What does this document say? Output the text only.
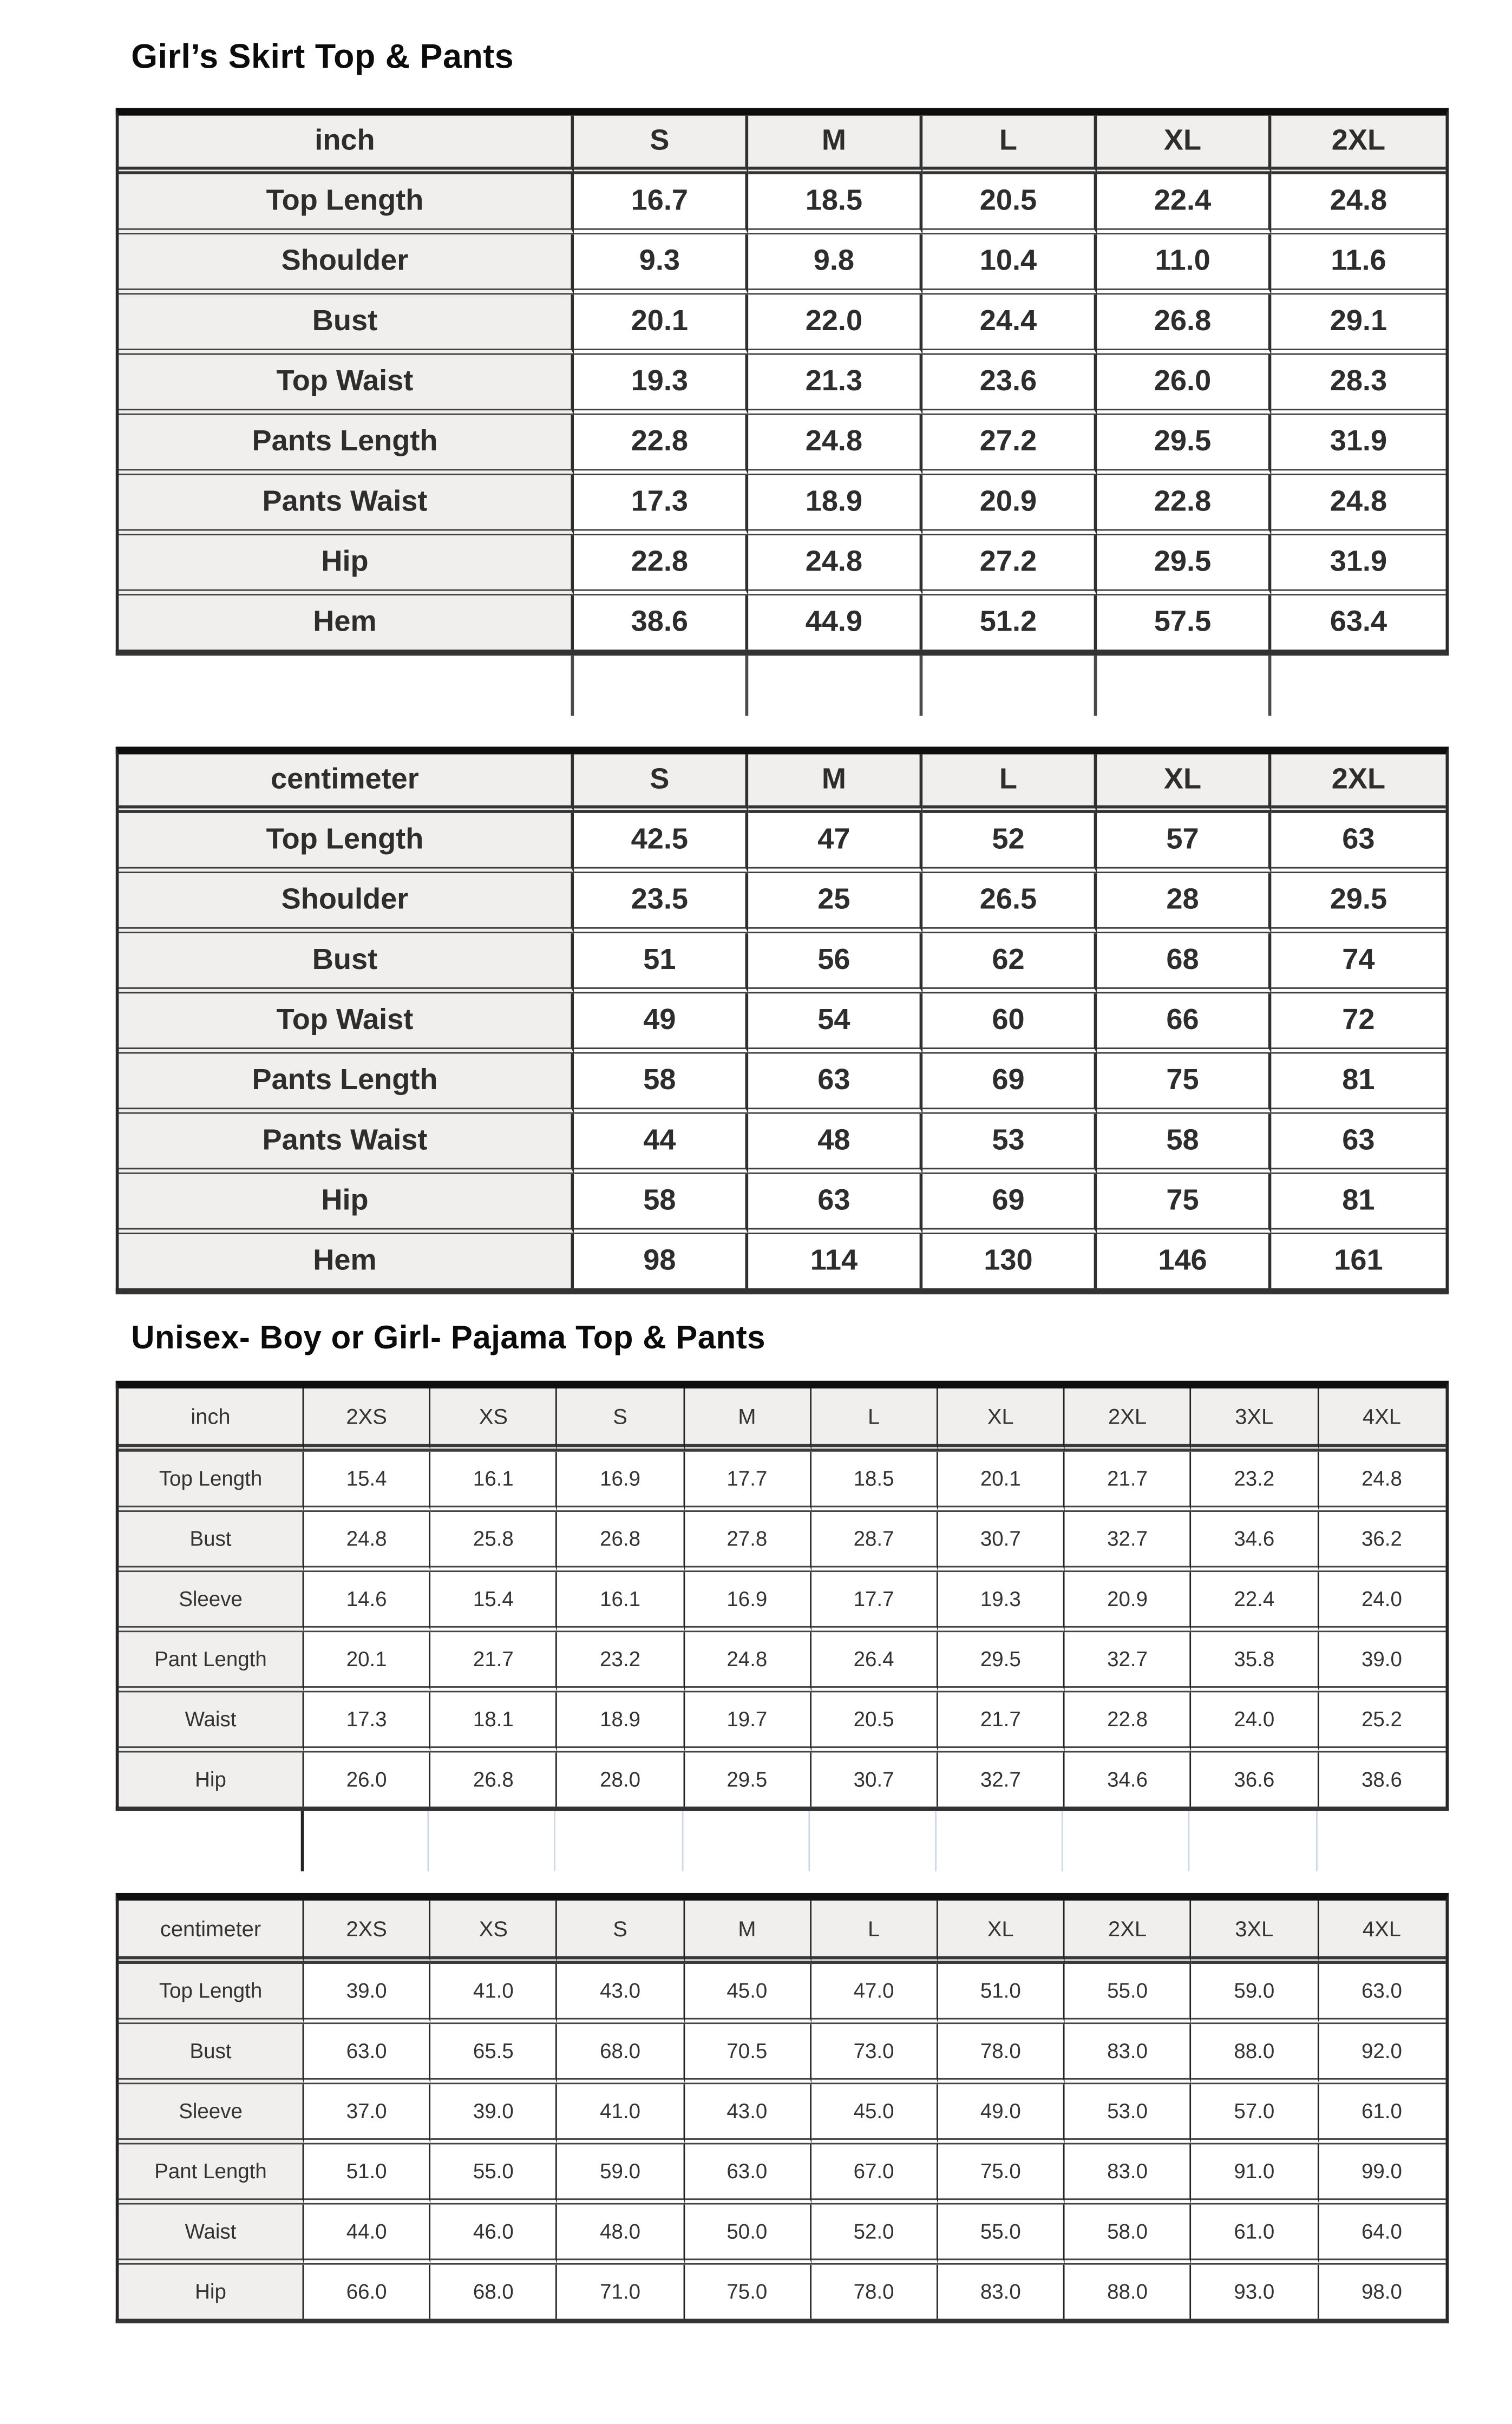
Girl’s Skirt Top & Pants
inch	S	M	L	XL	2XL
Top Length	16.7	18.5	20.5	22.4	24.8
Shoulder	9.3	9.8	10.4	11.0	11.6
Bust	20.1	22.0	24.4	26.8	29.1
Top Waist	19.3	21.3	23.6	26.0	28.3
Pants Length	22.8	24.8	27.2	29.5	31.9
Pants Waist	17.3	18.9	20.9	22.8	24.8
Hip	22.8	24.8	27.2	29.5	31.9
Hem	38.6	44.9	51.2	57.5	63.4

centimeter	S	M	L	XL	2XL
Top Length	42.5	47	52	57	63
Shoulder	23.5	25	26.5	28	29.5
Bust	51	56	62	68	74
Top Waist	49	54	60	66	72
Pants Length	58	63	69	75	81
Pants Waist	44	48	53	58	63
Hip	58	63	69	75	81
Hem	98	114	130	146	161
Unisex- Boy or Girl- Pajama Top & Pants
inch	2XS	XS	S	M	L	XL	2XL	3XL	4XL
Top Length	15.4	16.1	16.9	17.7	18.5	20.1	21.7	23.2	24.8
Bust	24.8	25.8	26.8	27.8	28.7	30.7	32.7	34.6	36.2
Sleeve	14.6	15.4	16.1	16.9	17.7	19.3	20.9	22.4	24.0
Pant Length	20.1	21.7	23.2	24.8	26.4	29.5	32.7	35.8	39.0
Waist	17.3	18.1	18.9	19.7	20.5	21.7	22.8	24.0	25.2
Hip	26.0	26.8	28.0	29.5	30.7	32.7	34.6	36.6	38.6

centimeter	2XS	XS	S	M	L	XL	2XL	3XL	4XL
Top Length	39.0	41.0	43.0	45.0	47.0	51.0	55.0	59.0	63.0
Bust	63.0	65.5	68.0	70.5	73.0	78.0	83.0	88.0	92.0
Sleeve	37.0	39.0	41.0	43.0	45.0	49.0	53.0	57.0	61.0
Pant Length	51.0	55.0	59.0	63.0	67.0	75.0	83.0	91.0	99.0
Waist	44.0	46.0	48.0	50.0	52.0	55.0	58.0	61.0	64.0
Hip	66.0	68.0	71.0	75.0	78.0	83.0	88.0	93.0	98.0
